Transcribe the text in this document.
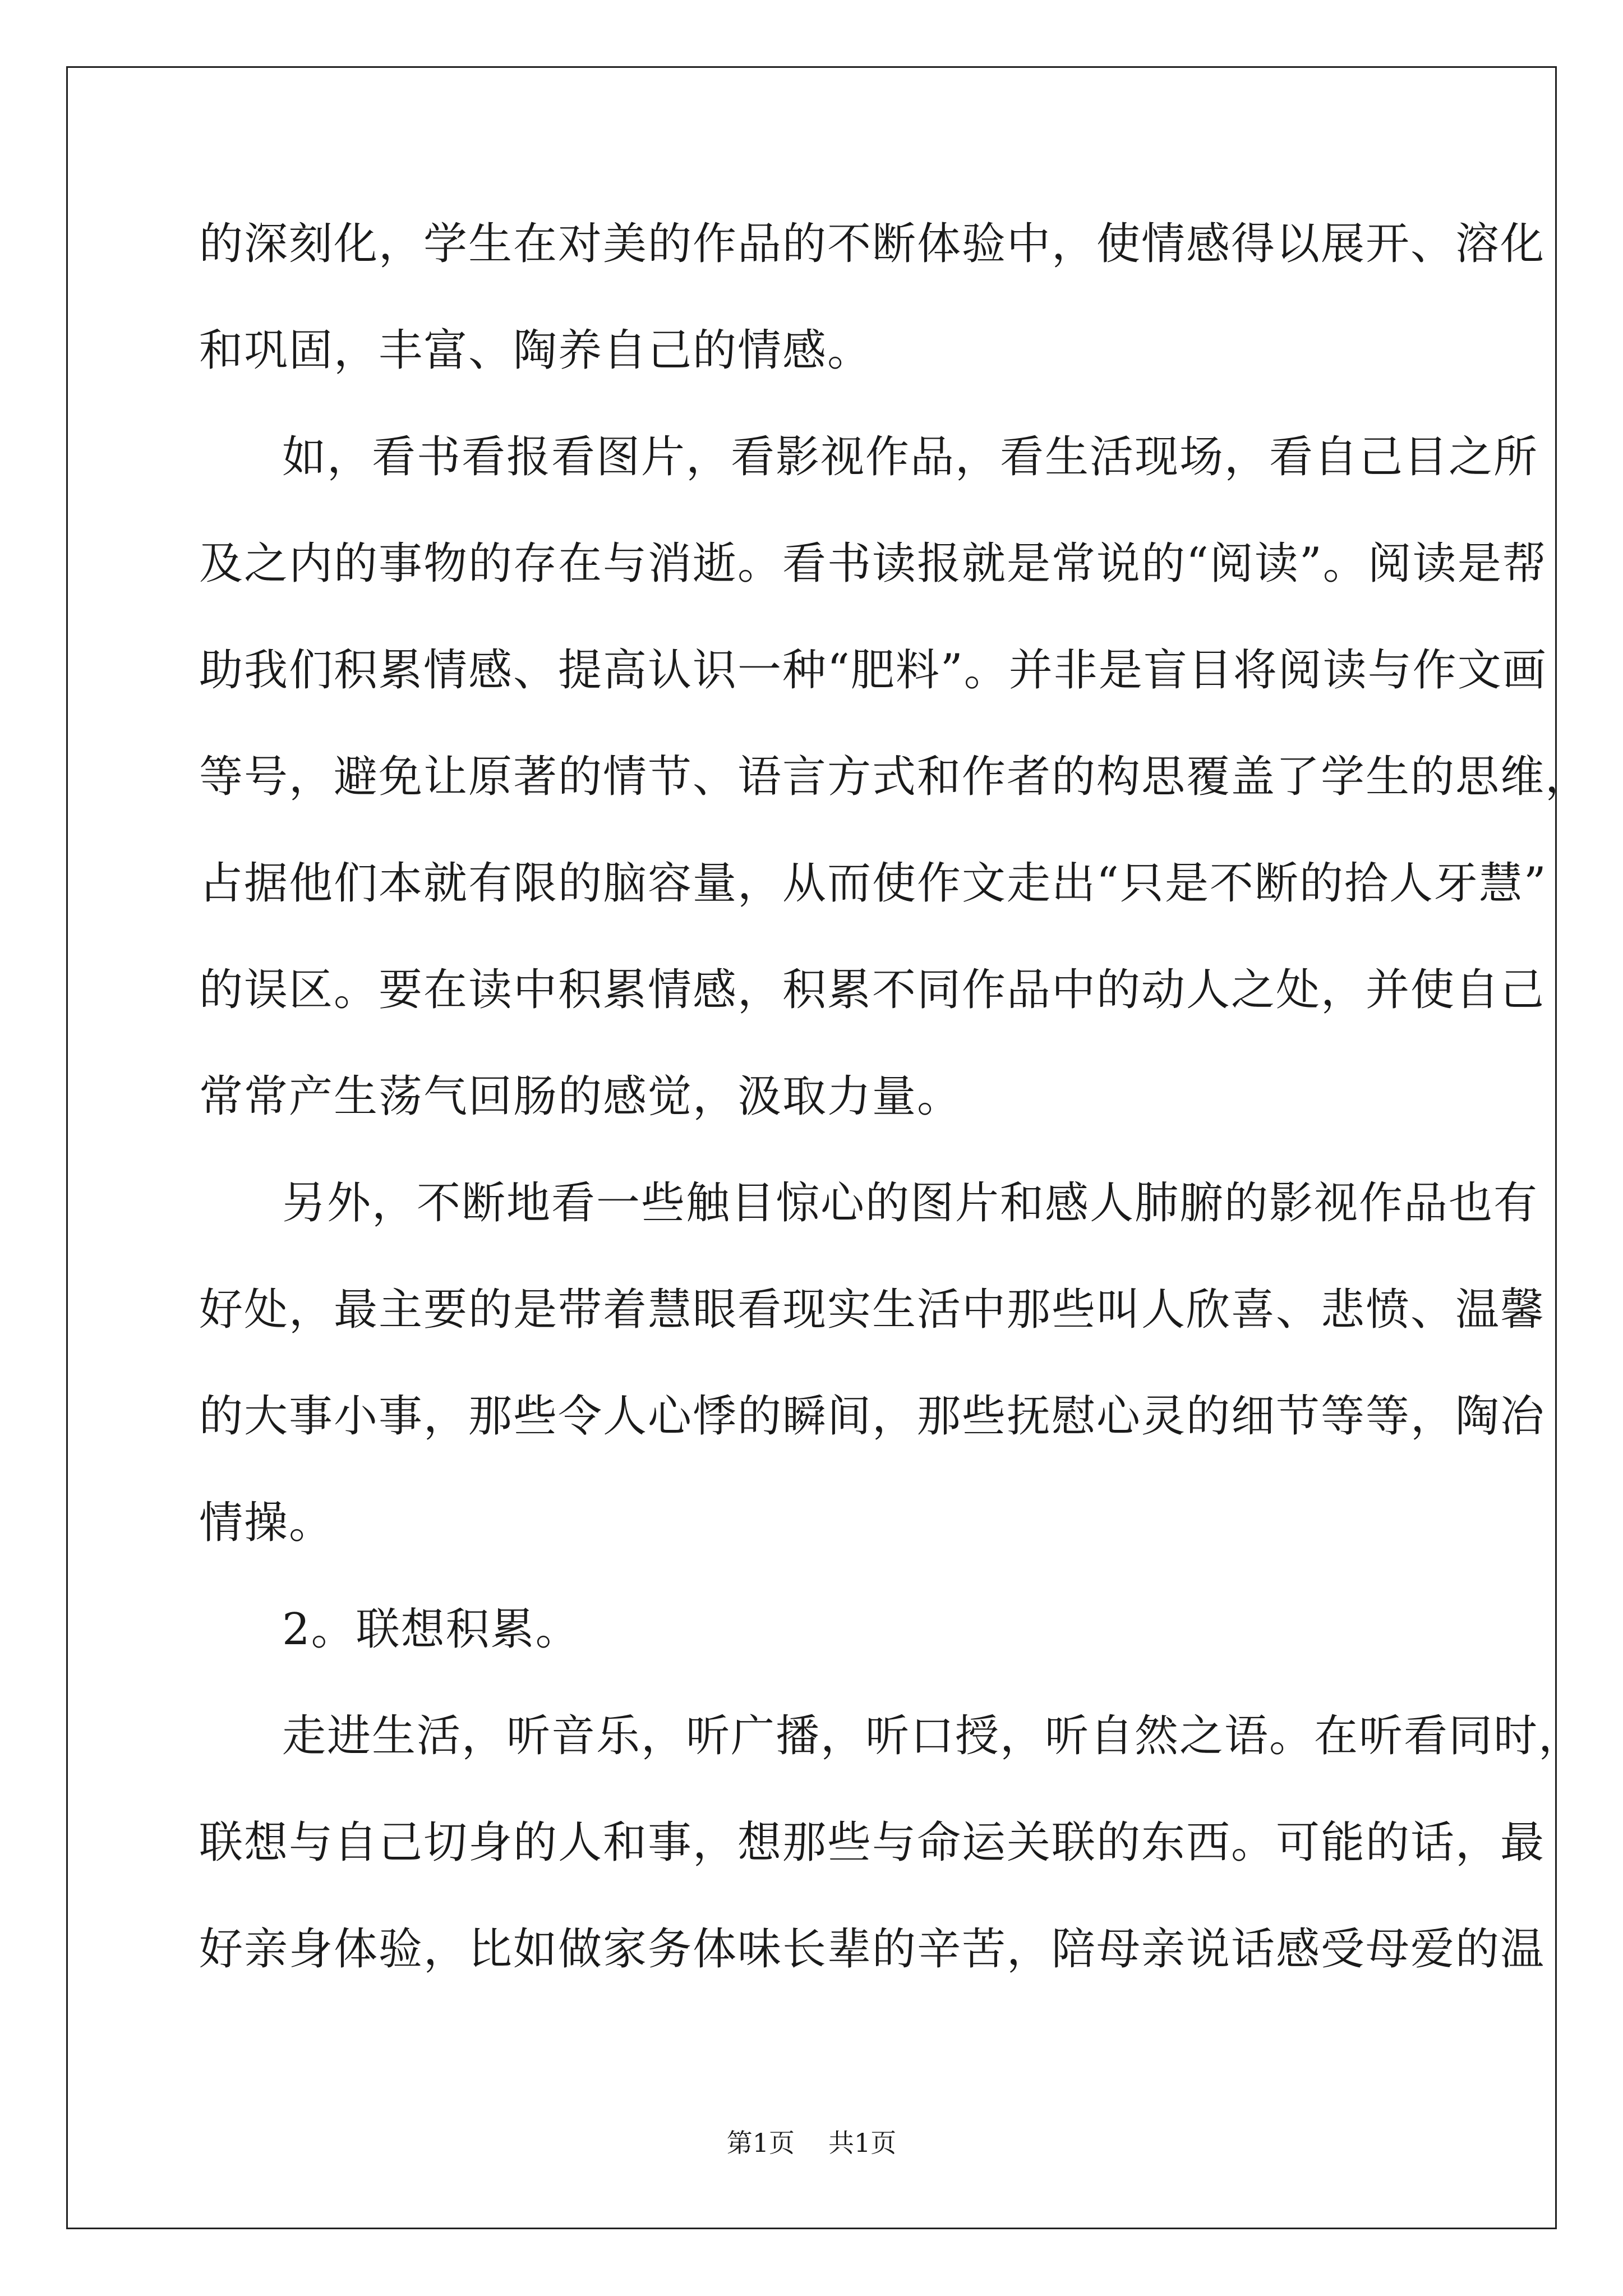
的深刻化，学生在对美的作品的不断体验中，使情感得以展开、溶化
和巩固，丰富、陶养自己的情感。
如，看书看报看图片，看影视作品，看生活现场，看自己目之所
及之内的事物的存在与消逝。看书读报就是常说的“阅读”。阅读是帮
助我们积累情感、提高认识一种“肥料”。并非是盲目将阅读与作文画
等号，避免让原著的情节、语言方式和作者的构思覆盖了学生的思维，
占据他们本就有限的脑容量，从而使作文走出“只是不断的拾人牙慧”
的误区。要在读中积累情感，积累不同作品中的动人之处，并使自己
常常产生荡气回肠的感觉，汲取力量。
另外，不断地看一些触目惊心的图片和感人肺腑的影视作品也有
好处，最主要的是带着慧眼看现实生活中那些叫人欣喜、悲愤、温馨
的大事小事，那些令人心悸的瞬间，那些抚慰心灵的细节等等，陶冶
情操。
2。联想积累。
走进生活，听音乐，听广播，听口授，听自然之语。在听看同时，
联想与自己切身的人和事，想那些与命运关联的东西。可能的话，最
好亲身体验，比如做家务体味长辈的辛苦，陪母亲说话感受母爱的温
第1页 共1页
